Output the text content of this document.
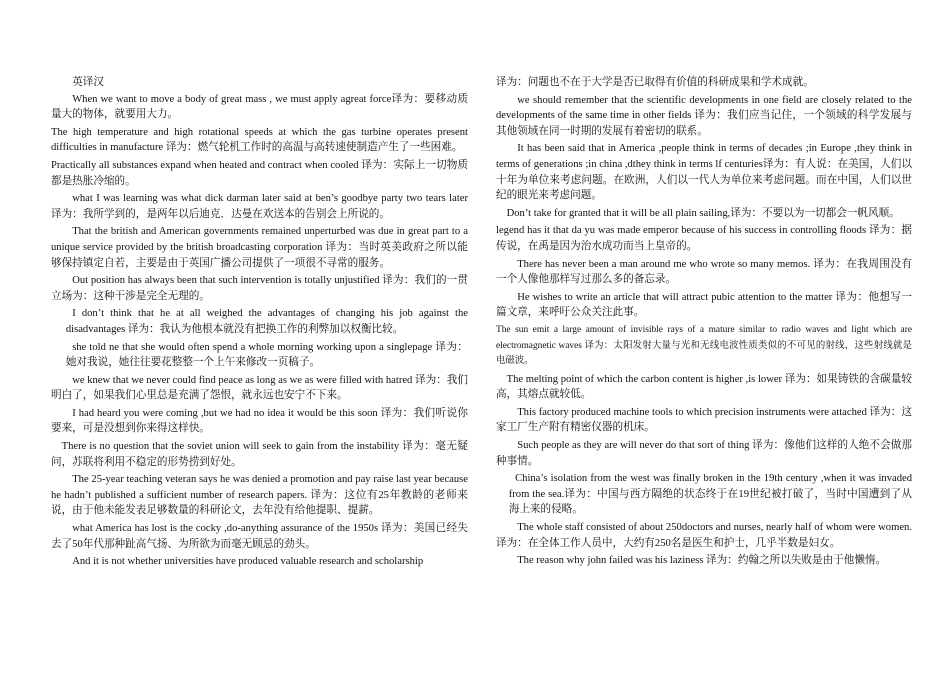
英译汉

When we want to move a body of great mass , we must apply agreat force译为：要移动质量大的物体，就要用大力。

The high temperature and high rotational speeds at which the gas turbine operates present difficulties in manufacture 译为：燃气轮机工作时的高温与高转速使制造产生了一些困难。

Practically all substances expand when heated and contract when cooled 译为：实际上一切物质都是热胀冷缩的。

what I was learning was what dick darman later said at ben’s goodbye party two tears later 译为：我所学到的，是两年以后迪克．达曼在欢送本的告别会上所说的。

That the british and American governments remained unperturbed was due in great part to a unique service provided by the british broadcasting corporation 译为：当时英美政府之所以能够保持镇定自若，主要是由于英国广播公司提供了一项很不寻常的服务。

Out position has always been that such intervention is totally unjustified 译为：我们的一贯立场为：这种干涉是完全无理的。

I don’t think that he at all weighed the advantages of changing his job against the disadvantages 译为：我认为他根本就没有把换工作的利弊加以权衡比较。

she told ne that she would often spend a whole morning working upon a singlepage 译为：她对我说，她往往要花整整一个上午来修改一页稿子。

we knew that we never could find peace as long as we as were filled with hatred 译为：我们明白了，如果我们心里总是充满了怨恨，就永远也安宁不下来。

I had heard you were coming ,but we had no idea it would be this soon 译为：我们听说你要来，可是没想到你来得这样快。

There is no question that the soviet union will seek to gain from the instability 译为：毫无疑问，苏联将利用不稳定的形势捞到好处。

The 25-year teaching veteran says he was denied a promotion and pay raise last year because he hadn’t published a sufficient number of research papers. 译为：这位有25年教龄的老师来说，由于他未能发表足够数量的科研论文，去年没有给他提职、提薪。

what America has lost is the cocky ,do-anything assurance of the 1950s 译为：美国已经失去了50年代那种趾高气扬、为所欲为而毫无顾忌的劲头。

And it is not whether universities have produced valuable research and scholarship

译为：问题也不在于大学是否已取得有价值的科研成果和学术成就。

we should remember that the scientific developments in one field are closely related to the developments of the same time in other fields 译为：我们应当记住，一个领域的科学发展与其他领域在同一时期的发展有着密切的联系。

It has been said that in America ,people think in terms of decades ;in Europe ,they think in terms of generations ;in china ,dthey think in terms lf centuries译为：有人说：在美国，人们以十年为单位来考虑问题。在欧洲，人们以一代人为单位来考虑问题。而在中国，人们以世纪的眼光来考虑问题。

Don’t take for granted that it will be all plain sailing,译为：不要以为一切都会一帆风顺。

legend has it that da yu was made emperor because of his success in controlling floods 译为：据传说，在禹是因为治水成功而当上皇帝的。

There has never been a man around me who wrote so many memos. 译为：在我周围没有一个人像他那样写过那么多的备忘录。

He wishes to write an article that will attract pubic attention to the matter 译为：他想写一篇文章，来呼吁公众关注此事。

The sun emit a large amount of invisible rays of a mature similar to radio waves and light which are electromagnetic waves 译为：太阳发射大量与光和无线电波性质类似的不可见的射线，这些射线就是电磁波。

The melting point of which the carbon content is higher ,is lower 译为：如果铸铁的含碳量较高，其熔点就较低。

This factory produced machine tools to which precision instruments were attached 译为：这家工厂生产附有精密仪器的机床。

Such people as they are will never do that sort of thing 译为：像他们这样的人绝不会做那种事情。

China’s isolation from the west was finally broken in the 19th century ,when it was invaded from the sea.译为：中国与西方隔绝的状态终于在19世纪被打破了，当时中国遭到了从海上来的侵略。

The whole staff consisted of about 250doctors and nurses, nearly half of whom were women.译为：在全体工作人员中，大约有250名是医生和护士，几乎半数是妇女。

The reason why john failed was his laziness 译为：约翰之所以失败是由于他懒惰。
